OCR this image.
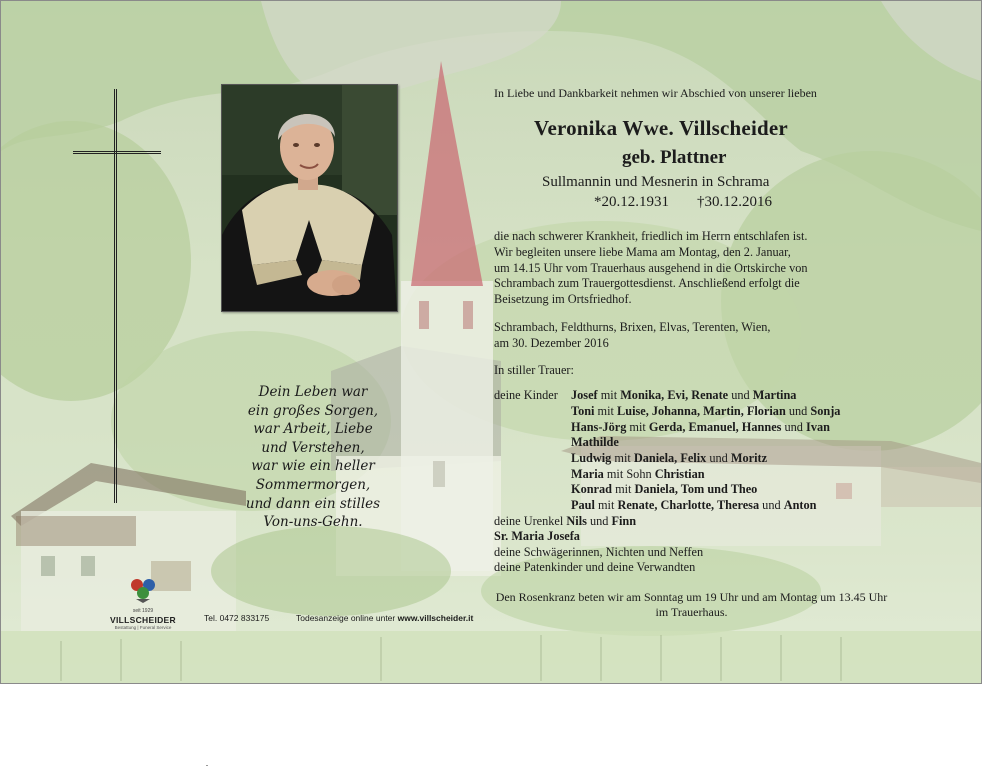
Dein Leben war
ein großes Sorgen,
war Arbeit, Liebe
und Verstehen,
war wie ein heller
Sommermorgen,
und dann ein stilles
Von-uns-Gehn.
In Liebe und Dankbarkeit nehmen wir Abschied von unserer lieben
Veronika Wwe. Villscheider
geb. Plattner
Sullmannin und Mesnerin in Schrama
*20.12.1931 †30.12.2016
die nach schwerer Krankheit, friedlich im Herrn entschlafen ist.
Wir begleiten unsere liebe Mama am Montag, den 2. Januar,
um 14.15 Uhr vom Trauerhaus ausgehend in die Ortskirche von
Schrambach zum Trauergottesdienst. Anschließend erfolgt die
Beisetzung im Ortsfriedhof.
Schrambach, Feldthurns, Brixen, Elvas, Terenten, Wien,
am 30. Dezember 2016
In stiller Trauer:
deine Kinder Josef mit Monika, Evi, Renate und Martina
Toni mit Luise, Johanna, Martin, Florian und Sonja
Hans-Jörg mit Gerda, Emanuel, Hannes und Ivan
Mathilde
Ludwig mit Daniela, Felix und Moritz
Maria mit Sohn Christian
Konrad mit Daniela, Tom und Theo
Paul mit Renate, Charlotte, Theresa und Anton
deine Urenkel Nils und Finn
Sr. Maria Josefa
deine Schwägerinnen, Nichten und Neffen
deine Patenkinder und deine Verwandten
Den Rosenkranz beten wir am Sonntag um 19 Uhr und am Montag um 13.45 Uhr im Trauerhaus.
seit 1929
VILLSCHEIDER
Bestattung | Funeral Service
Tel. 0472 833175	Todesanzeige online unter www.villscheider.it
